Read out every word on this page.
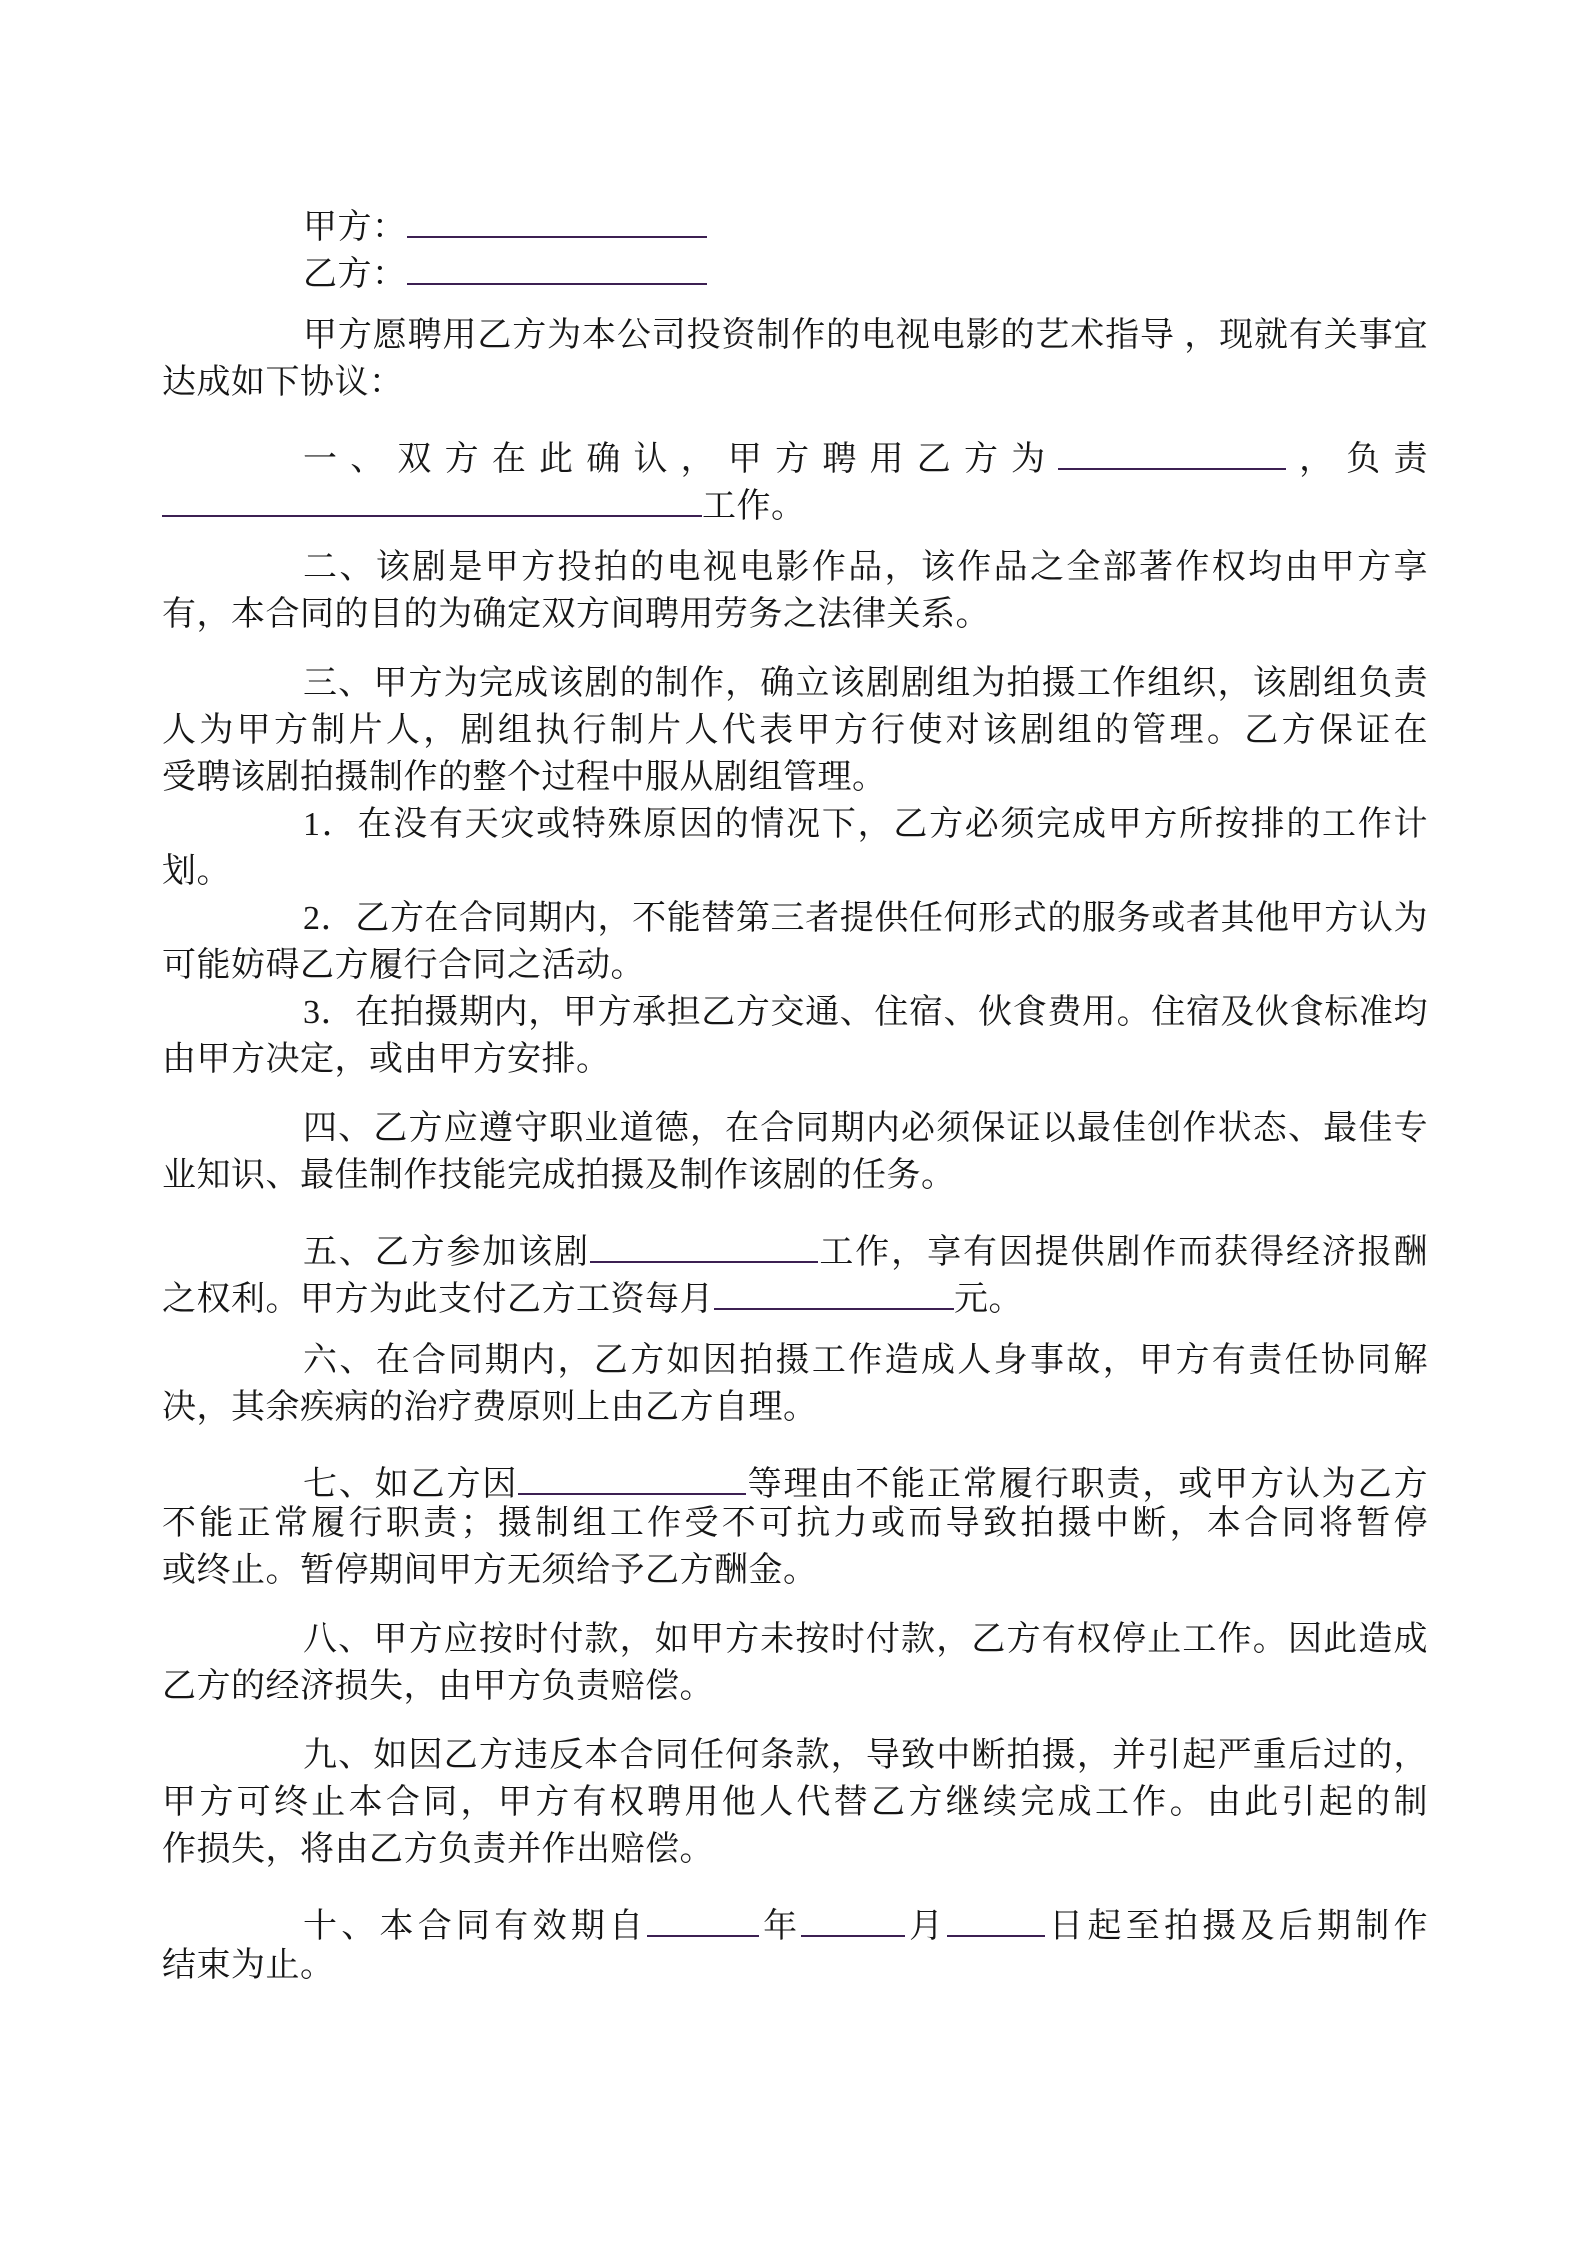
甲方：
乙方：
甲方愿聘用乙方为本公司投资制作的电视电影的艺术指导 ，现就有关事宜
达成如下协议：
一、双方在此确认，甲方聘用乙方为	，负责
工作。
二、该剧是甲方投拍的电视电影作品，该作品之全部著作权均由甲方享
有，本合同的目的为确定双方间聘用劳务之法律关系。
三、甲方为完成该剧的制作，确立该剧剧组为拍摄工作组织，该剧组负责
人为甲方制片人，剧组执行制片人代表甲方行使对该剧组的管理。乙方保证在
受聘该剧拍摄制作的整个过程中服从剧组管理。
1．在没有天灾或特殊原因的情况下，乙方必须完成甲方所按排的工作计
划。
2．乙方在合同期内，不能替第三者提供任何形式的服务或者其他甲方认为
可能妨碍乙方履行合同之活动。
3．在拍摄期内，甲方承担乙方交通、住宿、伙食费用。住宿及伙食标准均
由甲方决定，或由甲方安排。
四、乙方应遵守职业道德，在合同期内必须保证以最佳创作状态、最佳专
业知识、最佳制作技能完成拍摄及制作该剧的任务。
五、乙方参加该剧	工作，享有因提供剧作而获得经济报酬
之权利。甲方为此支付乙方工资每月	元。
六、在合同期内，乙方如因拍摄工作造成人身事故，甲方有责任协同解
决，其余疾病的治疗费原则上由乙方自理。
七、如乙方因	等理由不能正常履行职责，或甲方认为乙方
不能正常履行职责；摄制组工作受不可抗力或而导致拍摄中断，本合同将暂停
或终止。暂停期间甲方无须给予乙方酬金。
八、甲方应按时付款，如甲方未按时付款，乙方有权停止工作。因此造成
乙方的经济损失，由甲方负责赔偿。
九、如因乙方违反本合同任何条款，导致中断拍摄，并引起严重后过的，
甲方可终止本合同，甲方有权聘用他人代替乙方继续完成工作。由此引起的制
作损失，将由乙方负责并作出赔偿。
十、本合同有效期自	年	月	日起至拍摄及后期制作
结束为止。
